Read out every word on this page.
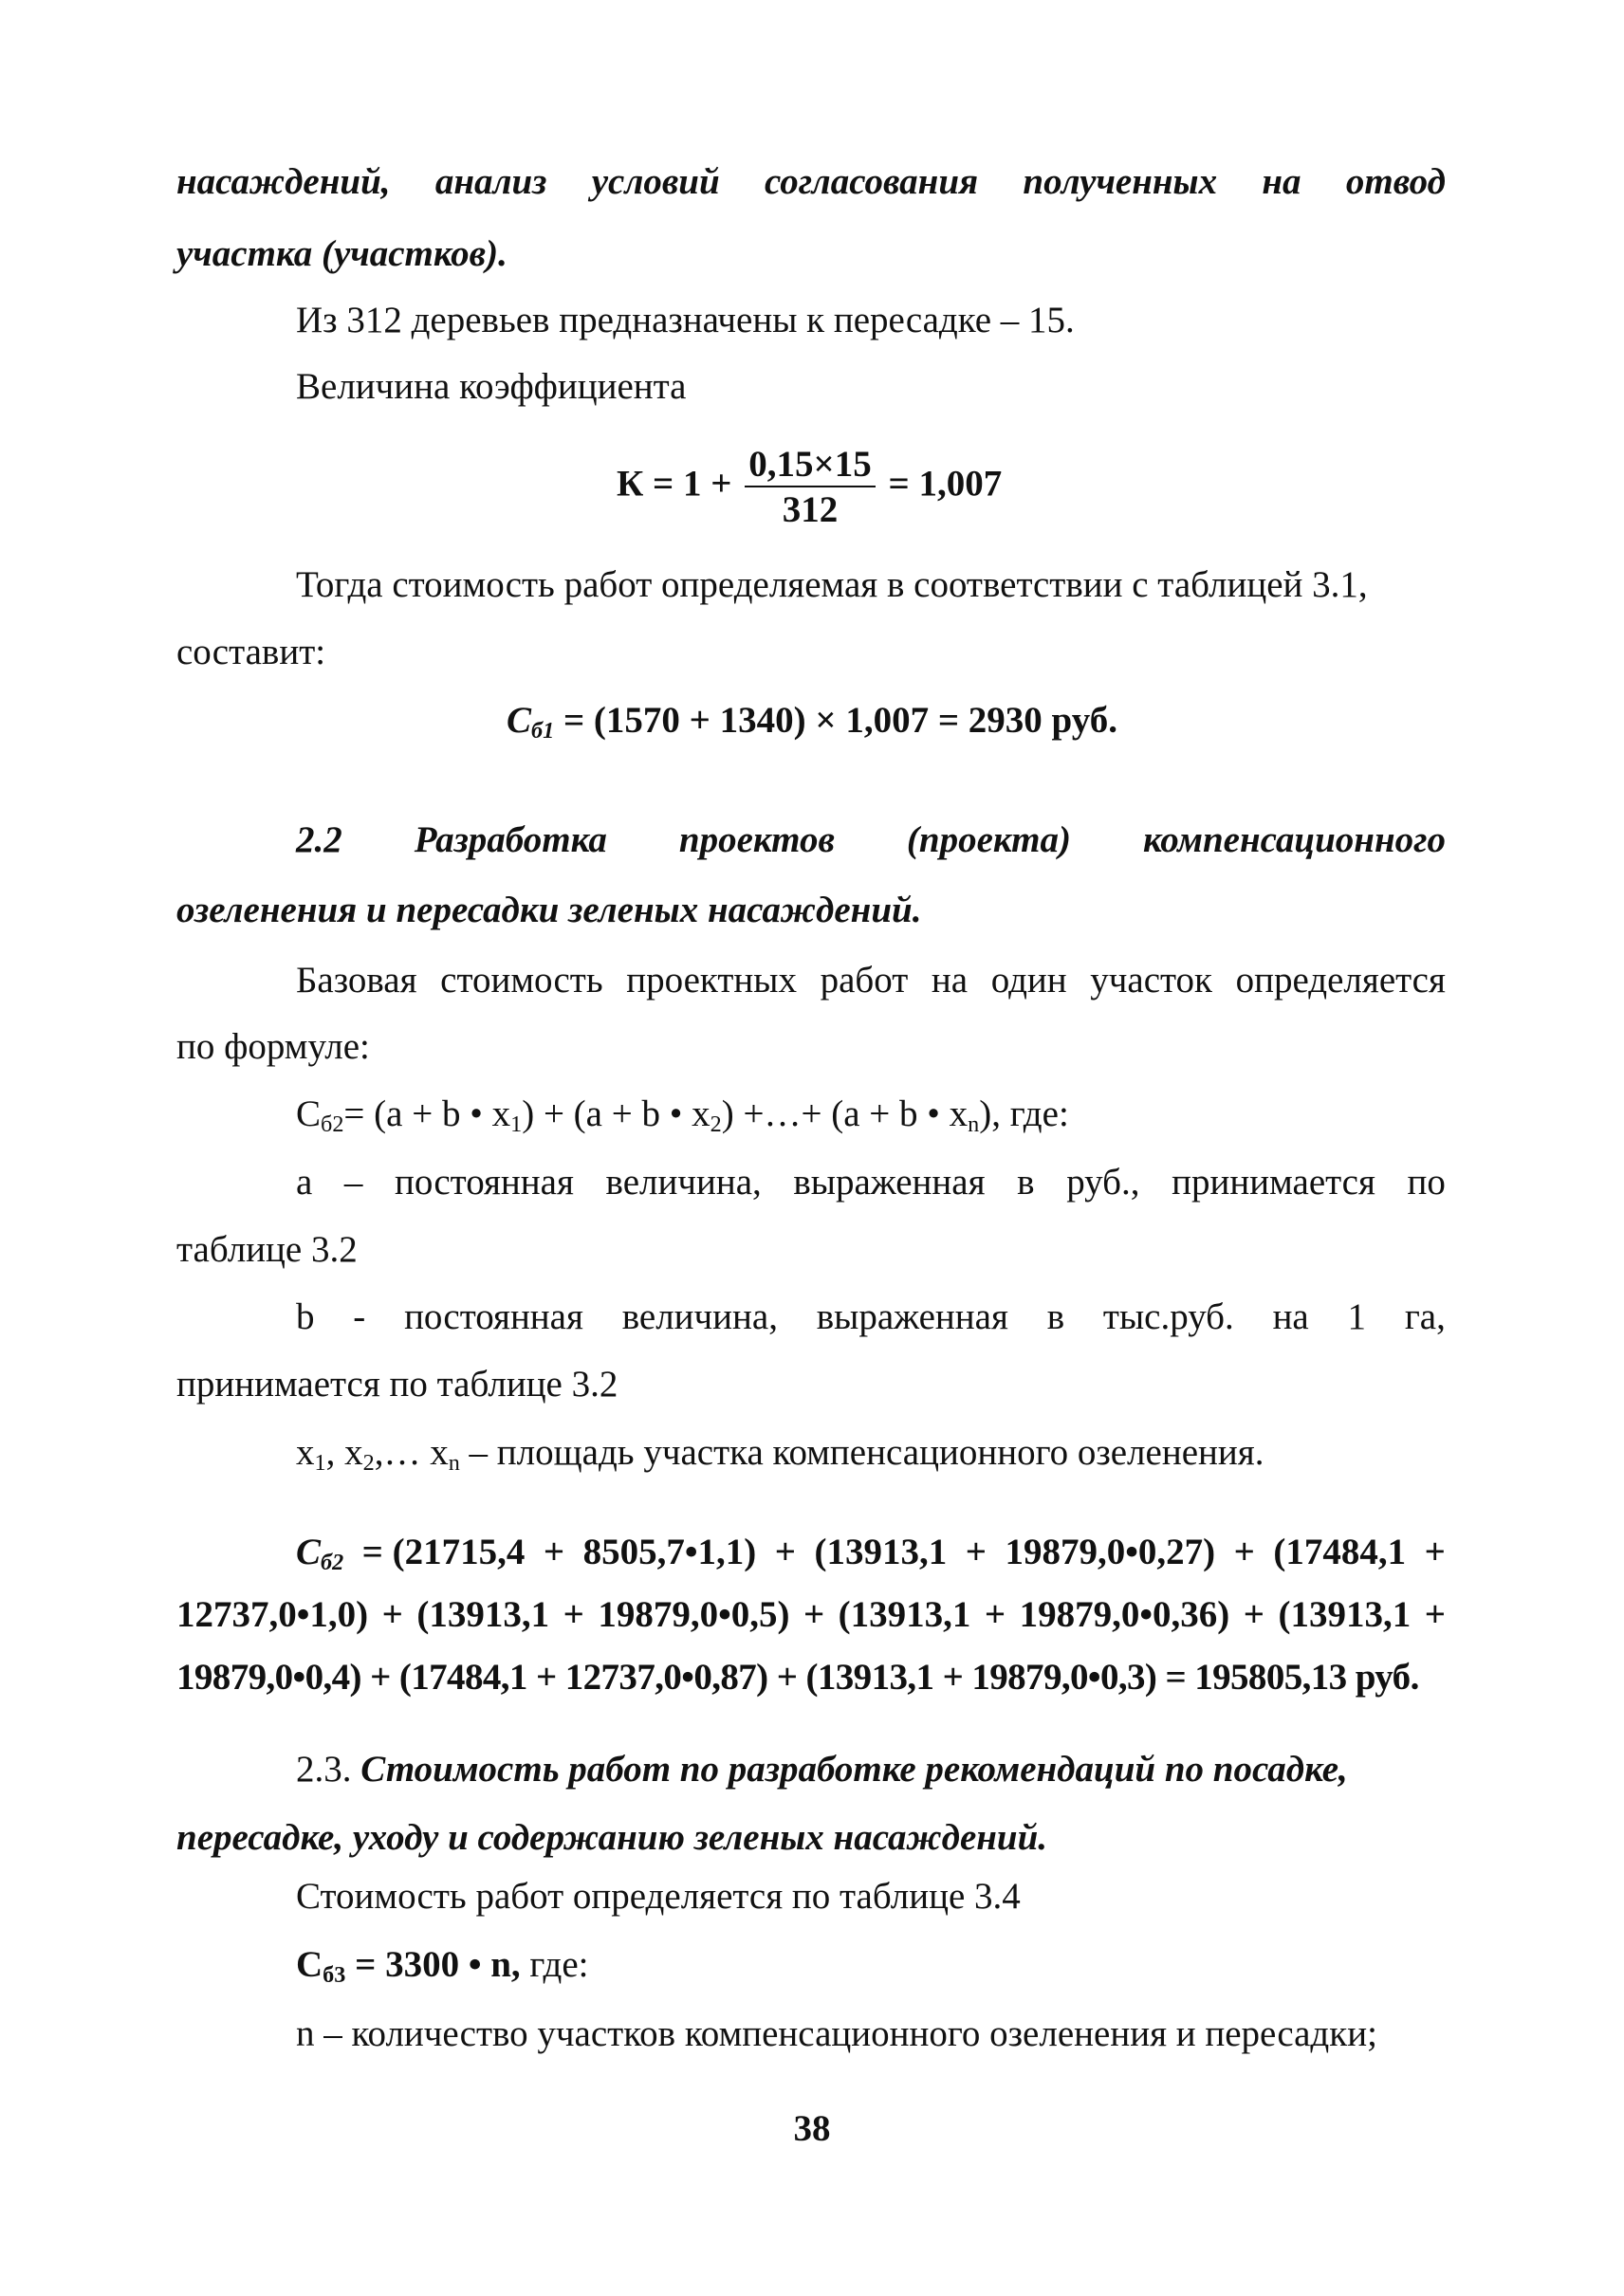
насаждений, анализ условий согласования полученных на отвод
участка (участков).
Из 312 деревьев предназначены к пересадке – 15.
Величина коэффициента
$К = 1 + \frac{0,15\times 15}{312} = 1,007$
Тогда стоимость работ определяемая в соответствии с таблицей 3.1,
составит:
$С_{б1} = (1570 + 1340) \times 1,007 = 2930$ руб.
2.2 Разработка проектов (проекта) компенсационного
озеленения и пересадки зеленых насаждений.
Базовая стоимость проектных работ на один участок определяется
по формуле:
$С_{б2}= (a + b$ • $x_1) + (a + b$ • $x_2$) +…+ (a + b • $x_n$), где:
a – постоянная величина, выраженная в руб., принимается по
таблице 3.2
b - постоянная величина, выраженная в тыс.руб. на 1 га,
принимается по таблице 3.2
$x_1$, $x_2,\dots$ $x_n$ – площадь участка компенсационного озеленения.
$С_{б2} = (21715,4$ + 8505,7•1,1) + (13913,1 + 19879,0•0,27) + (17484,1 +
12737,0•1,0) + (13913,1 + 19879,0•0,5) + (13913,1 + 19879,0•0,36) + (13913,1 +
19879,0•0,4) + (17484,1 + 12737,0•0,87) + (13913,1 + 19879,0•0,3) = 195805,13 руб.
2.3. Стоимость работ по разработке рекомендаций по посадке,
пересадке, уходу и содержанию зеленых насаждений.
Стоимость работ определяется по таблице 3.4
$С_{б3} = 3300$ • n, где:
n – количество участков компенсационного озеленения и пересадки;
38
